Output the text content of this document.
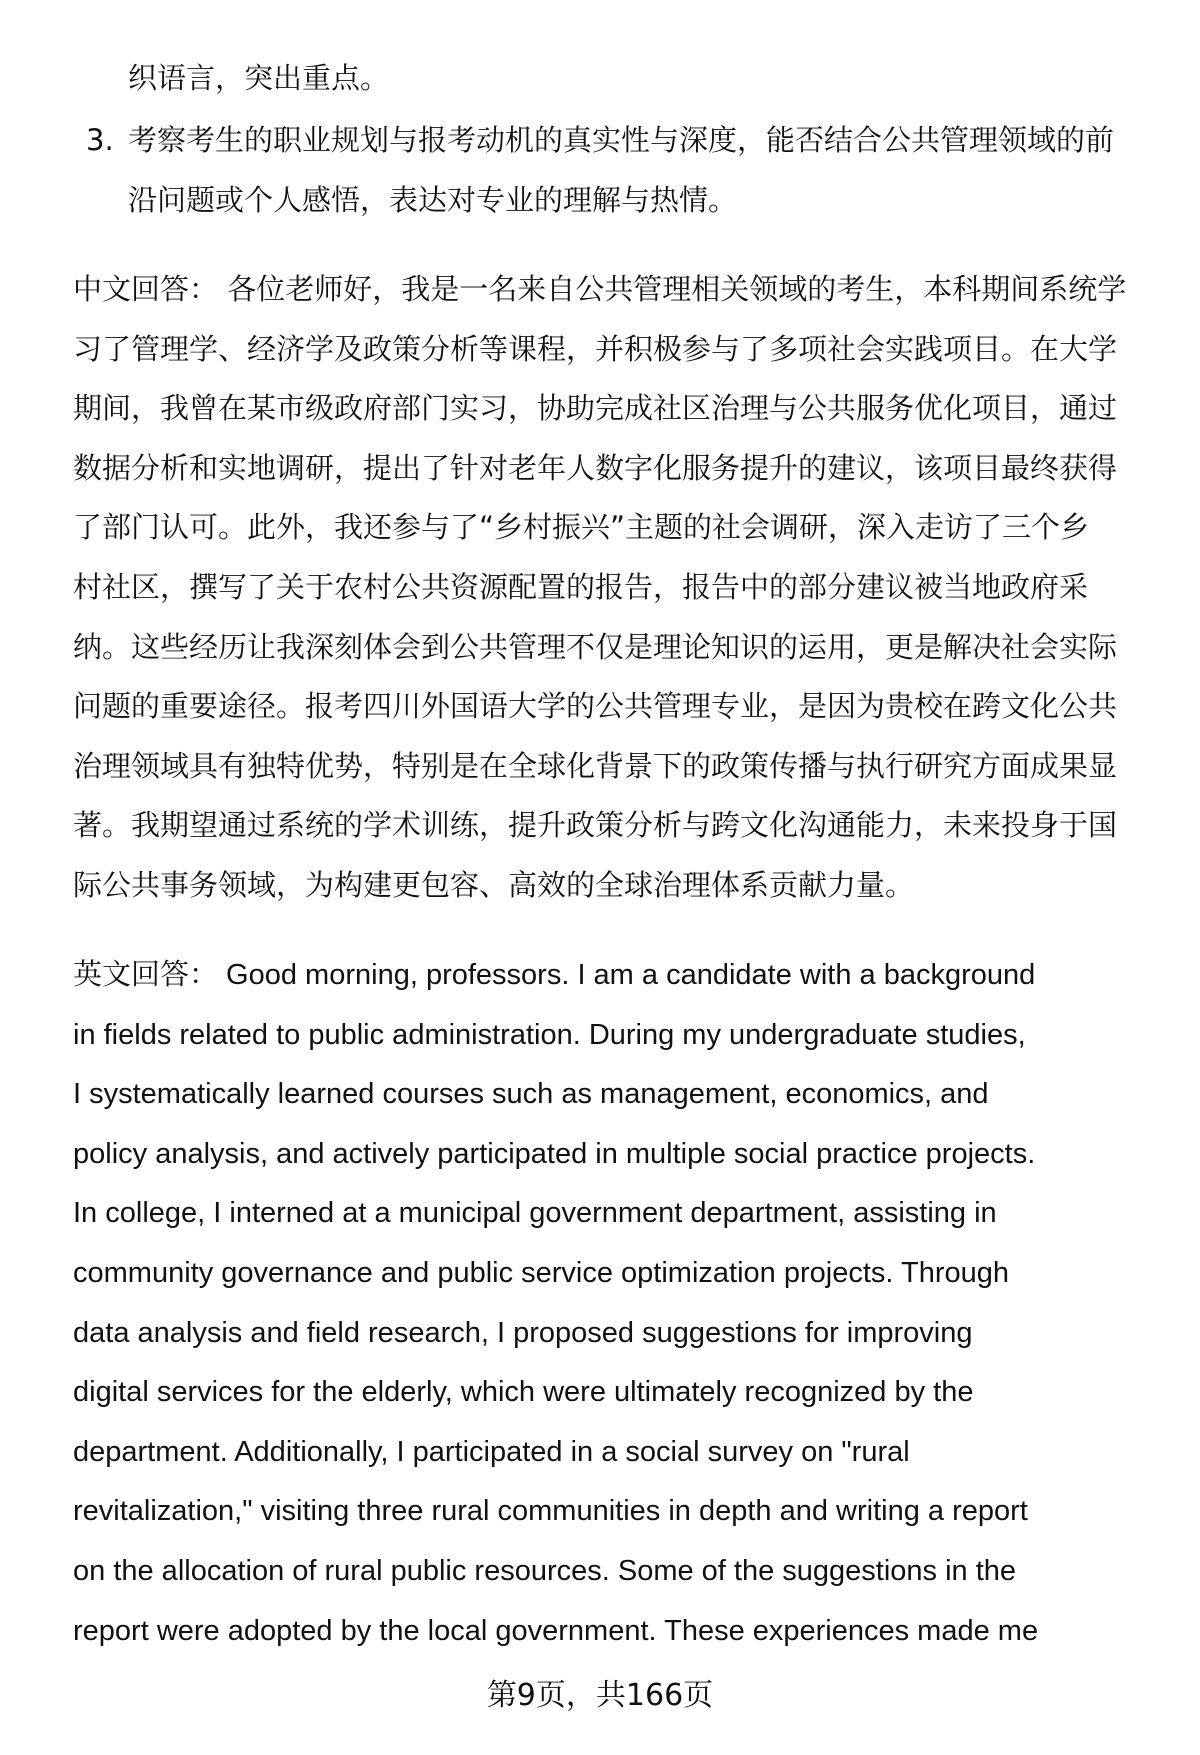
织语言，突出重点。
3. 考察考生的职业规划与报考动机的真实性与深度，能否结合公共管理领域的前
沿问题或个人感悟，表达对专业的理解与热情。
中文回答： 各位老师好，我是一名来自公共管理相关领域的考生，本科期间系统学
习了管理学、经济学及政策分析等课程，并积极参与了多项社会实践项目。在大学
期间，我曾在某市级政府部门实习，协助完成社区治理与公共服务优化项目，通过
数据分析和实地调研，提出了针对老年人数字化服务提升的建议，该项目最终获得
了部门认可。此外，我还参与了“乡村振兴”主题的社会调研，深入走访了三个乡
村社区，撰写了关于农村公共资源配置的报告，报告中的部分建议被当地政府采
纳。这些经历让我深刻体会到公共管理不仅是理论知识的运用，更是解决社会实际
问题的重要途径。报考四川外国语大学的公共管理专业，是因为贵校在跨文化公共
治理领域具有独特优势，特别是在全球化背景下的政策传播与执行研究方面成果显
著。我期望通过系统的学术训练，提升政策分析与跨文化沟通能力，未来投身于国
际公共事务领域，为构建更包容、高效的全球治理体系贡献力量。
英文回答： Good morning, professors. I am a candidate with a background
in fields related to public administration. During my undergraduate studies,
I systematically learned courses such as management, economics, and
policy analysis, and actively participated in multiple social practice projects.
In college, I interned at a municipal government department, assisting in
community governance and public service optimization projects. Through
data analysis and field research, I proposed suggestions for improving
digital services for the elderly, which were ultimately recognized by the
department. Additionally, I participated in a social survey on "rural
revitalization," visiting three rural communities in depth and writing a report
on the allocation of rural public resources. Some of the suggestions in the
report were adopted by the local government. These experiences made me
第9页，共166页
